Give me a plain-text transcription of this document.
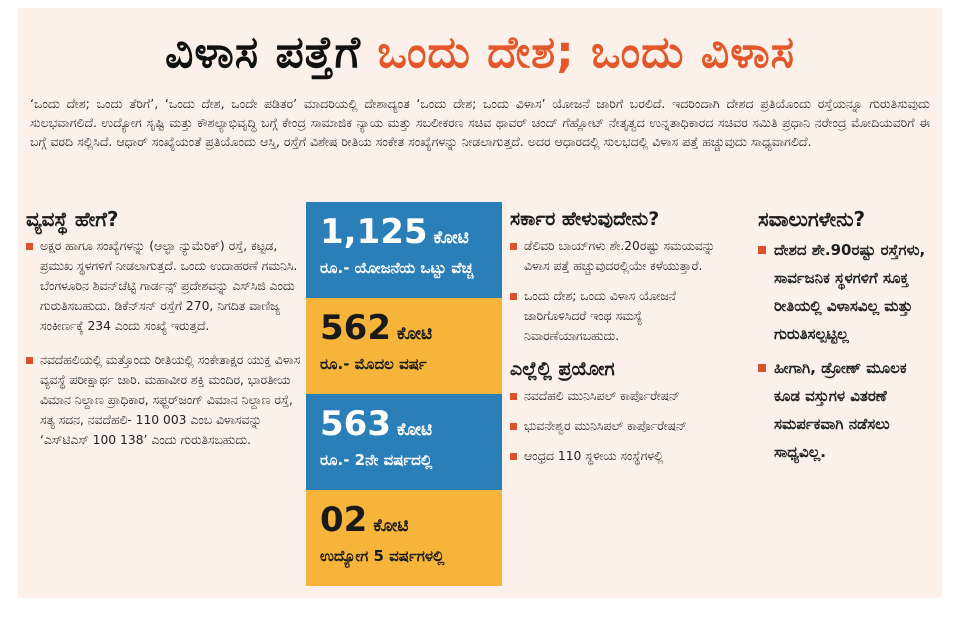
ವಿಳಾಸ ಪತ್ತೆಗೆ ಒಂದು ದೇಶ; ಒಂದು ವಿಳಾಸ
‘ಒಂದು ದೇಶ; ಒಂದು ತೆರಿಗೆ’, ‘ಒಂದು ದೇಶ, ಒಂದೇ ಪಡಿತರ’ ಮಾದರಿಯಲ್ಲಿ ದೇಶಾದ್ಯಂತ ‘ಒಂದು ದೇಶ; ಒಂದು ವಿಳಾಸ’ ಯೋಜನೆ ಜಾರಿಗೆ ಬರಲಿದೆ. ಇದರಿಂದಾಗಿ ದೇಶದ ಪ್ರತಿಯೊಂದು ರಸ್ತೆಯನ್ನೂ ಗುರುತಿಸುವುದು ಸುಲಭವಾಗಲಿದೆ. ಉದ್ಯೋಗ ಸೃಷ್ಟಿ ಮತ್ತು ಕೌಶಲ್ಯಾಭಿವೃದ್ಧಿ ಬಗ್ಗೆ ಕೇಂದ್ರ ಸಾಮಾಜಿಕ ನ್ಯಾಯ ಮತ್ತು ಸಬಲೀಕರಣ ಸಚಿವ ಥಾವರ್ ಚಂದ್ ಗೆಹ್ಲೋಟ್ ನೇತೃತ್ವದ ಉನ್ನತಾಧಿಕಾರದ ಸಚಿವರ ಸಮಿತಿ ಪ್ರಧಾನಿ ನರೇಂದ್ರ ಮೋದಿಯವರಿಗೆ ಈ ಬಗ್ಗೆ ವರದಿ ಸಲ್ಲಿಸಿದೆ. ಆಧಾರ್ ಸಂಖ್ಯೆಯಂತೆ ಪ್ರತಿಯೊಂದು ಆಸ್ತಿ, ರಸ್ತೆಗೆ ವಿಶೇಷ ರೀತಿಯ ಸಂಕೇತ ಸಂಖ್ಯೆಗಳನ್ನು ನೀಡಲಾಗುತ್ತದೆ. ಅದರ ಆಧಾರದಲ್ಲಿ ಸುಲಭದಲ್ಲಿ ವಿಳಾಸ ಪತ್ತೆ ಹಚ್ಚುವುದು ಸಾಧ್ಯವಾಗಲಿದೆ.
ವ್ಯವಸ್ಥೆ ಹೇಗೆ?
ಅಕ್ಷರ ಹಾಗೂ ಸಂಖ್ಯೆಗಳನ್ನು (ಆಲ್ಫಾ ನ್ಯುಮೆರಿಕ್) ರಸ್ತೆ, ಕಟ್ಟಡ, ಪ್ರಮುಖ ಸ್ಥಳಗಳಿಗೆ ನೀಡಲಾಗುತ್ತದೆ. ಒಂದು ಉದಾಹರಣೆ ಗಮನಿಸಿ. ಬೆಂಗಳೂರಿನ ಶಿವನ್‌ಚೆಟ್ಟಿ ಗಾರ್ಡನ್ಸ್ ಪ್ರದೇಶವನ್ನು ಎಸ್‌ಸಿಜಿ ಎಂದು ಗುರುತಿಸಬಹುದು. ಡಿಕೆನ್‌ಸನ್ ರಸ್ತೆಗೆ 270, ನಿಗದಿತ ವಾಣಿಜ್ಯ ಸಂಕೀರ್ಣಕ್ಕೆ 234 ಎಂದು ಸಂಖ್ಯೆ ಇರುತ್ತದೆ.
ನವದೆಹಲಿಯಲ್ಲಿ ಮತ್ತೊಂದು ರೀತಿಯಲ್ಲಿ ಸಂಕೇತಾಕ್ಷರ ಯುಕ್ತ ವಿಳಾಸ ವ್ಯವಸ್ಥೆ ಪರೀಕ್ಷಾರ್ಥ ಜಾರಿ. ಮಹಾವೀರ ಶಕ್ತಿ ಮಂದಿರ, ಭಾರತೀಯ ವಿಮಾನ ನಿಲ್ದಾಣ ಪ್ರಾಧಿಕಾರ, ಸಫ್ದರ್‌ಜಂಗ್ ವಿಮಾನ ನಿಲ್ದಾಣ ರಸ್ತೆ, ಸತ್ಯ ಸದನ, ನವದೆಹಲಿ- 110 003 ಎಂಬ ವಿಳಾಸವನ್ನು ‘ಎಸ್‌ಟಿಎಸ್ 100 138’ ಎಂದು ಗುರುತಿಸಬಹುದು.
1,125 ಕೋಟಿ
ರೂ.- ಯೋಜನೆಯ ಒಟ್ಟು ವೆಚ್ಚ
562 ಕೋಟಿ
ರೂ.- ಮೊದಲ ವರ್ಷ
563 ಕೋಟಿ
ರೂ.- 2ನೇ ವರ್ಷದಲ್ಲಿ
02 ಕೋಟಿ
ಉದ್ಯೋಗ 5 ವರ್ಷಗಳಲ್ಲಿ
ಸರ್ಕಾರ ಹೇಳುವುದೇನು?
ಡೆಲಿವರಿ ಬಾಯ್‌ಗಳು ಶೇ.20ರಷ್ಟು ಸಮಯವನ್ನು ವಿಳಾಸ ಪತ್ತೆ ಹಚ್ಚುವುದರಲ್ಲಿಯೇ ಕಳೆಯುತ್ತಾರೆ.
ಒಂದು ದೇಶ; ಒಂದು ವಿಳಾಸ ಯೋಜನೆ ಜಾರಿಗೊಳಿಸಿದರೆ ಇಂಥ ಸಮಸ್ಯೆ ನಿವಾರಣೆಯಾಗಬಹುದು.
ಎಲ್ಲೆಲ್ಲಿ ಪ್ರಯೋಗ
ನವದೆಹಲಿ ಮುನಿಸಿಪಲ್ ಕಾರ್ಪೊರೇಷನ್
ಭುವನೇಶ್ವರ ಮುನಿಸಿಪಲ್ ಕಾರ್ಪೊರೇಷನ್
ಆಂಧ್ರದ 110 ಸ್ಥಳೀಯ ಸಂಸ್ಥೆಗಳಲ್ಲಿ
ಸವಾಲುಗಳೇನು?
ದೇಶದ ಶೇ.90ರಷ್ಟು ರಸ್ತೆಗಳು, ಸಾರ್ವಜನಿಕ ಸ್ಥಳಗಳಿಗೆ ಸೂಕ್ತ ರೀತಿಯಲ್ಲಿ ವಿಳಾಸವಿಲ್ಲ ಮತ್ತು ಗುರುತಿಸಲ್ಪಟ್ಟಿಲ್ಲ
ಹೀಗಾಗಿ, ಡ್ರೋಣ್ ಮೂಲಕ ಕೂಡ ವಸ್ತುಗಳ ವಿತರಣೆ ಸಮರ್ಪಕವಾಗಿ ನಡೆಸಲು ಸಾಧ್ಯವಿಲ್ಲ.
